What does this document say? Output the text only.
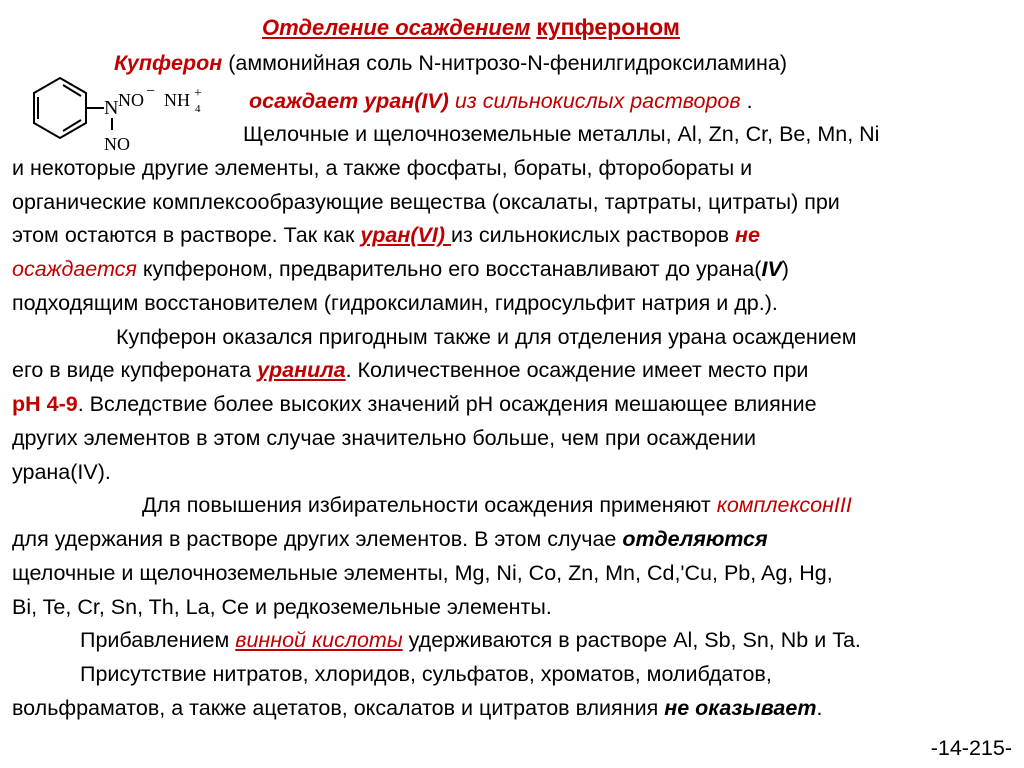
Отделение осаждением купфероном
N NO − NH 4
+
NO
Купферон (аммонийная соль N-нитрозо-N-фенилгидроксиламина)
осаждает уран(IV) из сильнокислых растворов .
Щелочные и щелочноземельные металлы, Al, Zn, Cr, Be, Mn, Ni
и некоторые другие элементы, а также фосфаты, бораты, фторобораты и
органические комплексообразующие вещества (оксалаты, тартраты, цитраты) при
этом остаются в растворе. Так как уран(VI) из сильнокислых растворов не
осаждается купфероном, предварительно его восстанавливают до урана(IV)
подходящим восстановителем (гидроксиламин, гидросульфит натрия и др.).
Купферон оказался пригодным также и для отделения урана осаждением
его в виде купфероната уранила. Количественное осаждение имеет место при
pH 4-9. Вследствие более высоких значений pH осаждения мешающее влияние
других элементов в этом случае значительно больше, чем при осаждении
урана(IV).
Для повышения избирательности осаждения применяют комплексонIII
для удержания в растворе других элементов. В этом случае отделяются
щелочные и щелочноземельные элементы, Mg, Ni, Co, Zn, Mn, Cd,'Cu, Pb, Ag, Hg,
Bi, Te, Cr, Sn, Th, La, Ce и редкоземельные элементы.
Прибавлением винной кислоты удерживаются в растворе Al, Sb, Sn, Nb и Ta.
Присутствие нитратов, хлоридов, сульфатов, хроматов, молибдатов,
вольфраматов, а также ацетатов, оксалатов и цитратов влияния не оказывает.
-14-215-
